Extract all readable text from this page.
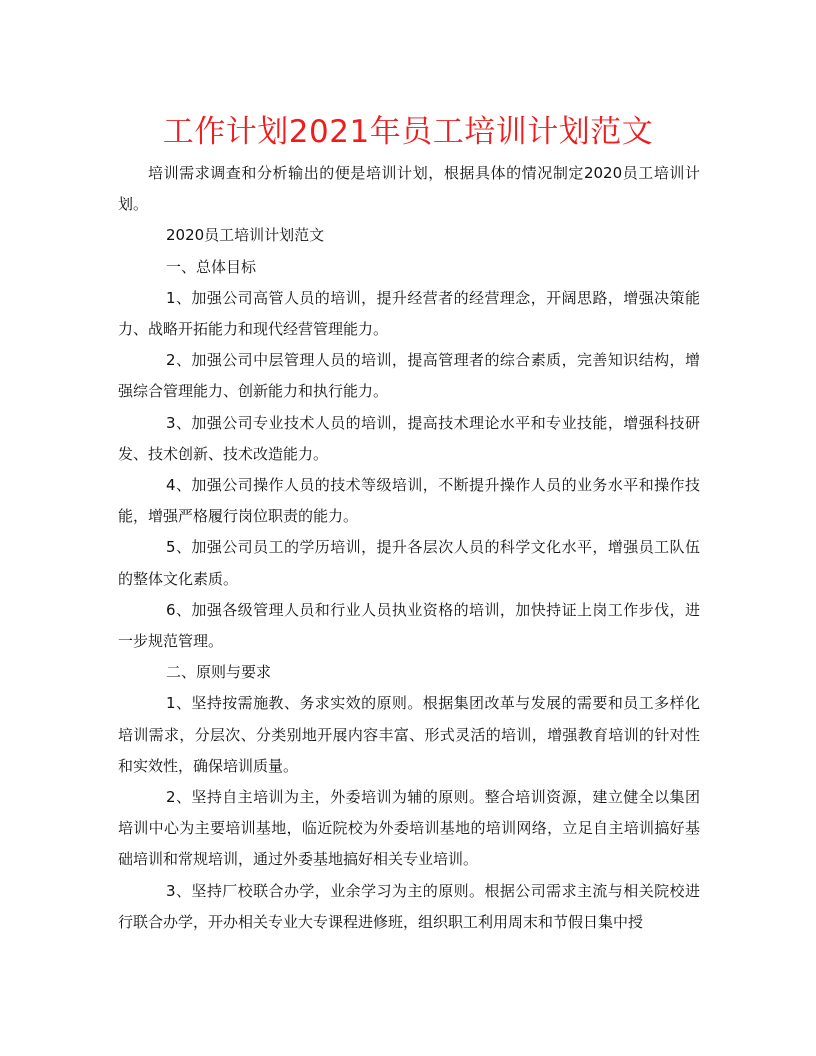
工作计划2021年员工培训计划范文

培训需求调查和分析输出的便是培训计划，根据具体的情况制定2020员工培训计划。

2020员工培训计划范文

一、总体目标

1、加强公司高管人员的培训，提升经营者的经营理念，开阔思路，增强决策能力、战略开拓能力和现代经营管理能力。

2、加强公司中层管理人员的培训，提高管理者的综合素质，完善知识结构，增强综合管理能力、创新能力和执行能力。

3、加强公司专业技术人员的培训，提高技术理论水平和专业技能，增强科技研发、技术创新、技术改造能力。

4、加强公司操作人员的技术等级培训，不断提升操作人员的业务水平和操作技能，增强严格履行岗位职责的能力。

5、加强公司员工的学历培训，提升各层次人员的科学文化水平，增强员工队伍的整体文化素质。

6、加强各级管理人员和行业人员执业资格的培训，加快持证上岗工作步伐，进一步规范管理。

二、原则与要求

1、坚持按需施教、务求实效的原则。根据集团改革与发展的需要和员工多样化培训需求，分层次、分类别地开展内容丰富、形式灵活的培训，增强教育培训的针对性和实效性，确保培训质量。

2、坚持自主培训为主，外委培训为辅的原则。整合培训资源，建立健全以集团培训中心为主要培训基地，临近院校为外委培训基地的培训网络，立足自主培训搞好基础培训和常规培训，通过外委基地搞好相关专业培训。

3、坚持厂校联合办学，业余学习为主的原则。根据公司需求主流与相关院校进行联合办学，开办相关专业大专课程进修班，组织职工利用周末和节假日集中授
